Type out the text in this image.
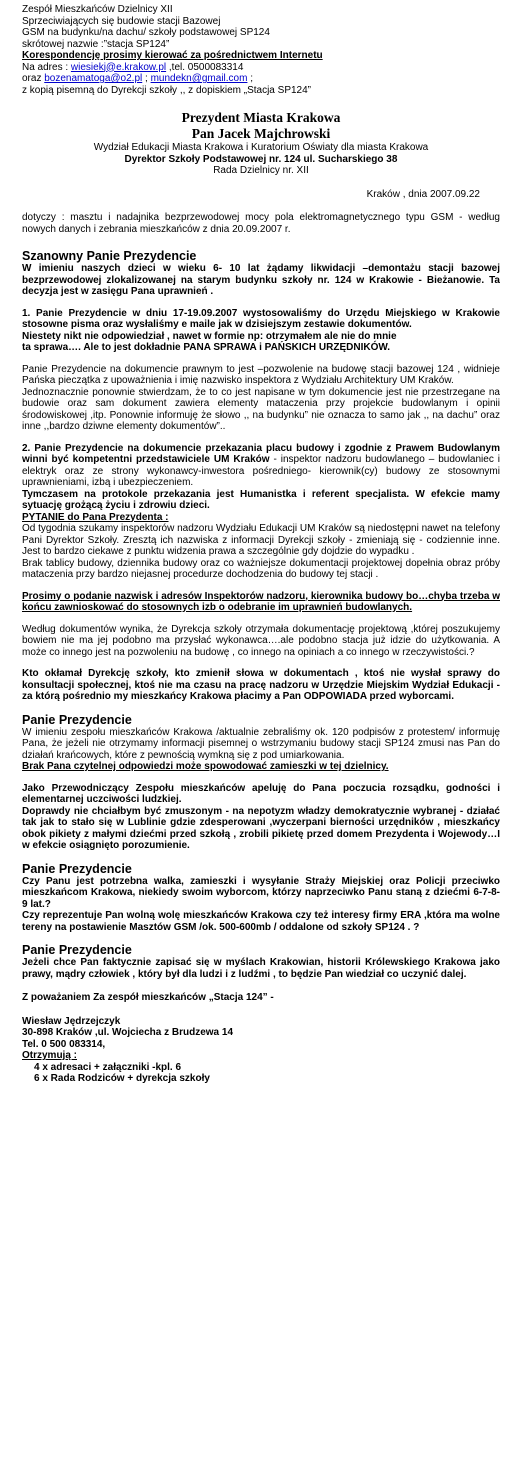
Zespół Mieszkańców Dzielnicy XII
Sprzeciwiających się budowie stacji Bazowej
GSM na budynku/na dachu/ szkoły podstawowej SP124
skrótowej nazwie :”stacja SP124”
Korespondencję prosimy kierować za pośrednictwem Internetu
Na adres : wiesiekj@e.krakow.pl ,tel. 0500083314
oraz bozenamatoga@o2.pl ; mundekn@gmail.com ;
z kopią pisemną do Dyrekcji szkoły ,, z dopiskiem „Stacja SP124”
Prezydent Miasta Krakowa
Pan Jacek Majchrowski
Wydział Edukacji Miasta Krakowa i Kuratorium Oświaty dla miasta Krakowa
Dyrektor Szkoły Podstawowej nr. 124 ul. Sucharskiego 38
Rada Dzielnicy nr. XII
Kraków , dnia 2007.09.22
dotyczy : masztu i nadajnika bezprzewodowej mocy pola elektromagnetycznego typu GSM - według nowych danych i zebrania mieszkańców z dnia 20.09.2007 r.
Szanowny Panie Prezydencie
W imieniu naszych dzieci w wieku 6- 10 lat żądamy likwidacji –demontażu stacji bazowej bezprzewodowej zlokalizowanej na starym budynku szkoły nr. 124 w Krakowie - Bieżanowie. Ta decyzja jest w zasięgu Pana uprawnień .
1. Panie Prezydencie w dniu 17-19.09.2007 wystosowaliśmy do Urzędu Miejskiego w Krakowie stosowne pisma oraz wysłaliśmy e mailе jak w dzisiejszym zestawie dokumentów.
Niestety nikt nie odpowiedział , nawet w formie np: otrzymałem ale nie do mnie
ta sprawa…. Ale to jest dokładnie PANA SPRAWA i PAŃSKICH URZĘDNIKÓW.
Panie Prezydencie na dokumencie prawnym to jest –pozwolenie na budowę stacji bazowej 124 , widnieje Pańska pieczątka z upoważnieniа i imię nazwisko inspektora z Wydziału Architektury UM Kraków.
Jednoznacznie ponownie stwierdzam, że to co jest napisane w tym dokumencie jest nie przestrzegane na budowie oraz sam dokument zawiera elementy mataczenia przy projekcie budowlanym i opinii środowiskowej ,itp. Ponownie informuję że słowo ,, na budynku” nie oznacza to samo jak ,, na dachu” oraz inne ,,bardzo dziwne elementy dokumentów”..
2. Panie Prezydencie na dokumencie przekazania placu budowy i zgodnie z Prawem Budowlanym winni być kompetentni przedstawiciele UM Kraków - inspektor nadzoru budowlanego – budowlaniec i elektryk oraz ze strony wykonawcy-inwestora pośredniego- kierownik(cy) budowy ze stosownymi uprawnieniami, izbą i ubezpieczeniem.
Tymczasem na protokole przekazania jest Humanistka i referent specjalista. W efekcie mamy sytuację grożącą życiu i zdrowiu dzieci.
PYTANIE do Pana Prezydenta :
Od tygodnia szukamy inspektorów nadzoru Wydziału Edukacji UM Kraków są niedostępni nawet na telefony Pani Dyrektor Szkoły. Zresztą ich nazwiska z informacji Dyrekcji szkoły - zmieniają się - codziennie inne. Jest to bardzo ciekawe z punktu widzenia prawa a szczególnie gdy dojdzie do wypadku .
Brak tablicy budowy, dziennika budowy oraz co ważniejsze dokumentacji projektowej dopełnia obraz próby mataczenia przy bardzo niejasnej procedurze dochodzenia do budowy tej stacji .
Prosimy o podanie nazwisk i adresów Inspektorów nadzoru, kierownika budowy bo…chyba trzeba w końcu zawnioskować do stosownych izb o odebranie im uprawnień budowlanych.
Według dokumentów wynika, że Dyrekcja szkoły otrzymała dokumentację projektową ,której poszukujemy bowiem nie ma jej podobno ma przysłać wykonawca….ale podobno stacja już idzie do użytkowania. A może co innego jest na pozwoleniu na budowę , co innego na opiniach a co innego w rzeczywistości.?
Kto okłamał Dyrekcję szkoły, kto zmienił słowa w dokumentach , ktoś nie wysłał sprawy do konsultacji społecznej, ktoś nie ma czasu na pracę nadzoru w Urzędzie Miejskim Wydział Edukacji - za którą pośrednio my mieszkańcy Krakowa płacimy a Pan ODPOWIADA przed wyborcami.
Panie Prezydencie
W imieniu zespołu mieszkańców Krakowa /aktualnie zebraliśmy ok. 120 podpisów z protestem/ informuję Pana, że jeżeli nie otrzymamy informacji pisemnej o wstrzymaniu budowy stacji SP124 zmusi nas Pan do działań krańcowych, które z pewnością wymkną się z pod umiarkowania.
Brak Pana czytelnej odpowiedzi może spowodować zamieszki w tej dzielnicy.
Jako Przewodniczący Zespołu mieszkańców apeluję do Pana poczucia rozsądku, godności i elementarnej uczciwości ludzkiej.
Doprawdy nie chciałbym być zmuszonym - na nepotyzm władzy demokratycznie wybranej - działać tak jak to stało się w Lublinie gdzie zdesperowani ,wyczerpani bierności urzędników , mieszkańcy obok pikiety z małymi dziećmi przed szkołą , zrobili pikietę przed domem Prezydenta i Wojewody…I w efekcie osiągnięto porozumienie.
Panie Prezydencie
Czy Panu jest potrzebna walka, zamieszki i wysyłanie Straży Miejskiej oraz Policji przeciwko mieszkańcom Krakowa, niekiedy swoim wyborcom, którzy naprzeciwko Panu staną z dziećmi 6-7-8-9 lat.?
Czy reprezentuje Pan wolną wolę mieszkańców Krakowa czy też interesy firmy ERA ,która ma wolne tereny na postawienie Masztów GSM /ok. 500-600mb / oddalone od szkoły SP124 . ?
Panie Prezydencie
Jeżeli chce Pan faktycznie zapisać się w myślach Krakowian, historii Królewskiego Krakowa jako prawy, mądry człowiek , który był dla ludzi i z ludźmi , to będzie Pan wiedział co uczynić dalej.
Z poważaniem Za zespół mieszkańców „Stacja 124” -
Wiesław Jędrzejczyk
30-898 Kraków ,ul. Wojciecha z Brudzewa 14
Tel. 0 500 083314,
Otrzymują :
4 x adresaci + załączniki -kpl. 6
6 x Rada Rodziców + dyrekcja szkoły
